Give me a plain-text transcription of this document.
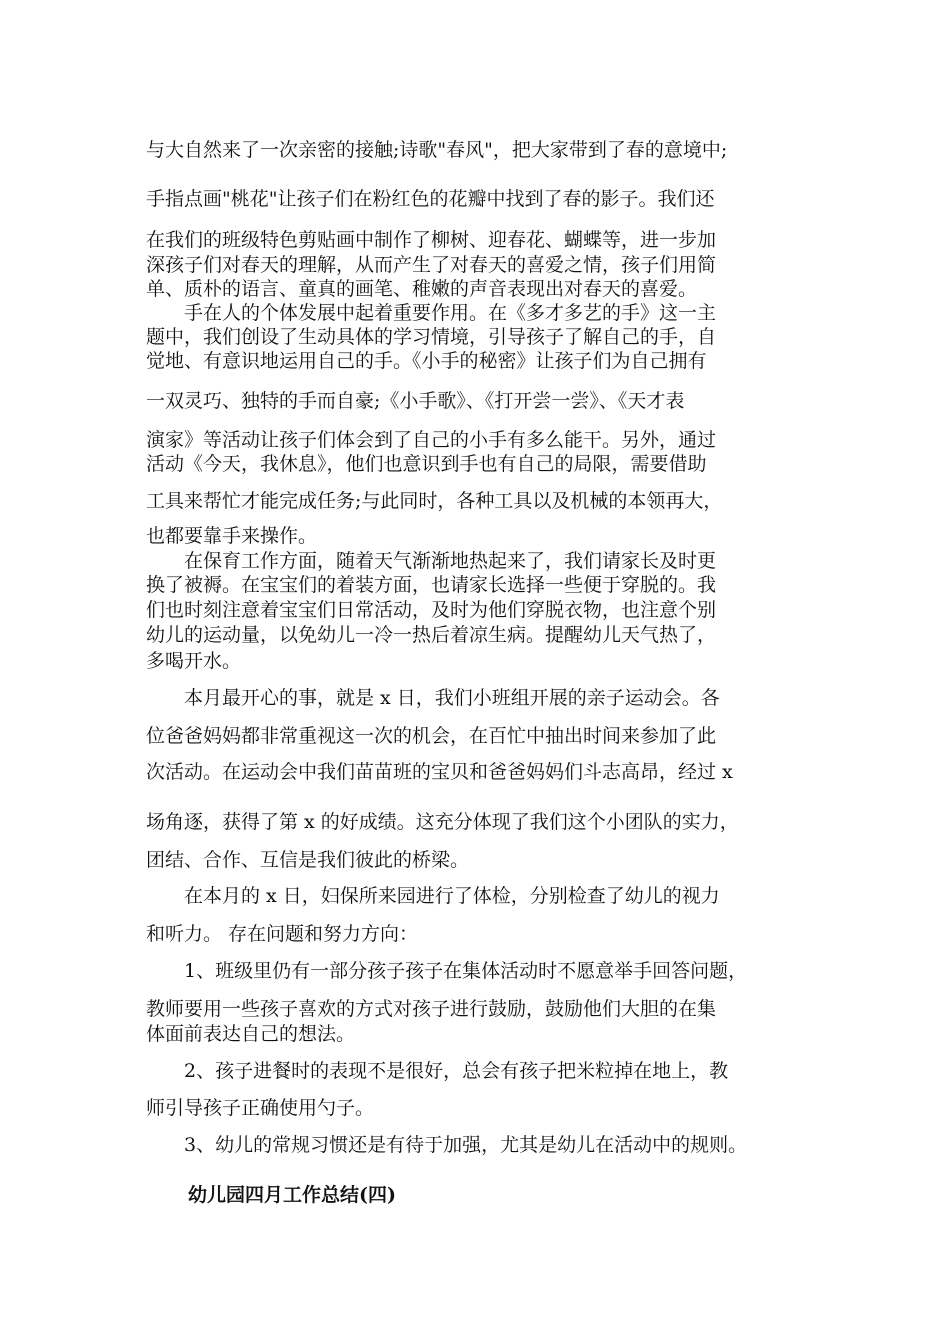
与大自然来了一次亲密的接触;诗歌"春风"，把大家带到了春的意境中;
手指点画"桃花"让孩子们在粉红色的花瓣中找到了春的影子。我们还
在我们的班级特色剪贴画中制作了柳树、迎春花、蝴蝶等，进一步加
深孩子们对春天的理解，从而产生了对春天的喜爱之情，孩子们用简
单、质朴的语言、童真的画笔、稚嫩的声音表现出对春天的喜爱。
　　手在人的个体发展中起着重要作用。在《多才多艺的手》这一主
题中，我们创设了生动具体的学习情境，引导孩子了解自己的手，自
觉地、有意识地运用自己的手。《小手的秘密》让孩子们为自己拥有
一双灵巧、独特的手而自豪;《小手歌》、《打开尝一尝》、《天才表
演家》等活动让孩子们体会到了自己的小手有多么能干。另外，通过
活动《今天，我休息》，他们也意识到手也有自己的局限，需要借助
工具来帮忙才能完成任务;与此同时，各种工具以及机械的本领再大，
也都要靠手来操作。
　　在保育工作方面，随着天气渐渐地热起来了，我们请家长及时更
换了被褥。在宝宝们的着装方面，也请家长选择一些便于穿脱的。我
们也时刻注意着宝宝们日常活动，及时为他们穿脱衣物，也注意个别
幼儿的运动量，以免幼儿一冷一热后着凉生病。提醒幼儿天气热了，
多喝开水。
　　本月最开心的事，就是 x 日，我们小班组开展的亲子运动会。各
位爸爸妈妈都非常重视这一次的机会，在百忙中抽出时间来参加了此
次活动。在运动会中我们苗苗班的宝贝和爸爸妈妈们斗志高昂，经过 x
场角逐，获得了第 x 的好成绩。这充分体现了我们这个小团队的实力，
团结、合作、互信是我们彼此的桥梁。
　　在本月的 x 日，妇保所来园进行了体检，分别检查了幼儿的视力
和听力。 存在问题和努力方向：
　　1、班级里仍有一部分孩子孩子在集体活动时不愿意举手回答问题，
教师要用一些孩子喜欢的方式对孩子进行鼓励，鼓励他们大胆的在集
体面前表达自己的想法。
　　2、孩子进餐时的表现不是很好，总会有孩子把米粒掉在地上，教
师引导孩子正确使用勺子。
　　3、幼儿的常规习惯还是有待于加强，尤其是幼儿在活动中的规则。
幼儿园四月工作总结(四)
